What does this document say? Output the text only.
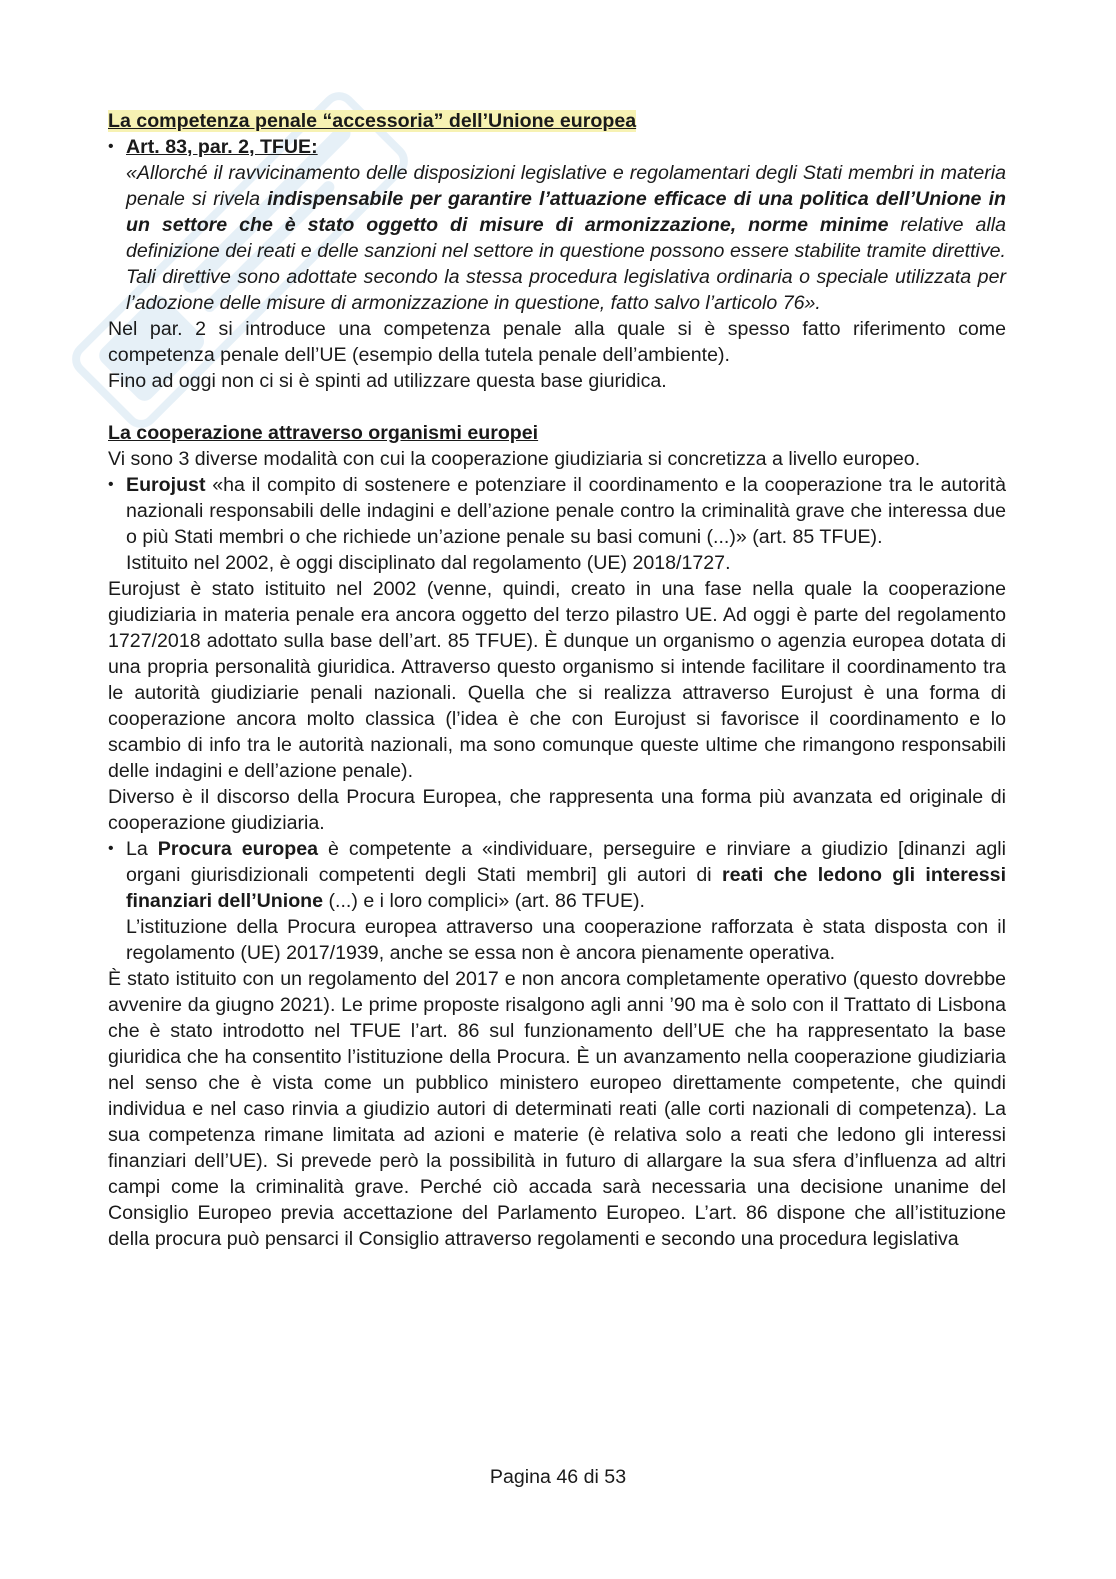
La competenza penale “accessoria” dell’Unione europea

• Art. 83, par. 2, TFUE:
«Allorché il ravvicinamento delle disposizioni legislative e regolamentari degli Stati membri in materia penale si rivela indispensabile per garantire l’attuazione efficace di una politica dell’Unione in un settore che è stato oggetto di misure di armonizzazione, norme minime relative alla definizione dei reati e delle sanzioni nel settore in questione possono essere stabilite tramite direttive. Tali direttive sono adottate secondo la stessa procedura legislativa ordinaria o speciale utilizzata per l’adozione delle misure di armonizzazione in questione, fatto salvo l’articolo 76».

Nel par. 2 si introduce una competenza penale alla quale si è spesso fatto riferimento come competenza penale dell’UE (esempio della tutela penale dell’ambiente).

Fino ad oggi non ci si è spinti ad utilizzare questa base giuridica.

La cooperazione attraverso organismi europei

Vi sono 3 diverse modalità con cui la cooperazione giudiziaria si concretizza a livello europeo.

• Eurojust «ha il compito di sostenere e potenziare il coordinamento e la cooperazione tra le autorità nazionali responsabili delle indagini e dell’azione penale contro la criminalità grave che interessa due o più Stati membri o che richiede un’azione penale su basi comuni (...)» (art. 85 TFUE).
Istituito nel 2002, è oggi disciplinato dal regolamento (UE) 2018/1727.

Eurojust è stato istituito nel 2002 (venne, quindi, creato in una fase nella quale la cooperazione giudiziaria in materia penale era ancora oggetto del terzo pilastro UE. Ad oggi è parte del regolamento 1727/2018 adottato sulla base dell’art. 85 TFUE). È dunque un organismo o agenzia europea dotata di una propria personalità giuridica. Attraverso questo organismo si intende facilitare il coordinamento tra le autorità giudiziarie penali nazionali. Quella che si realizza attraverso Eurojust è una forma di cooperazione ancora molto classica (l’idea è che con Eurojust si favorisce il coordinamento e lo scambio di info tra le autorità nazionali, ma sono comunque queste ultime che rimangono responsabili delle indagini e dell’azione penale).

Diverso è il discorso della Procura Europea, che rappresenta una forma più avanzata ed originale di cooperazione giudiziaria.

• La Procura europea è competente a «individuare, perseguire e rinviare a giudizio [dinanzi agli organi giurisdizionali competenti degli Stati membri] gli autori di reati che ledono gli interessi finanziari dell’Unione (...) e i loro complici» (art. 86 TFUE).
L’istituzione della Procura europea attraverso una cooperazione rafforzata è stata disposta con il regolamento (UE) 2017/1939, anche se essa non è ancora pienamente operativa.

È stato istituito con un regolamento del 2017 e non ancora completamente operativo (questo dovrebbe avvenire da giugno 2021). Le prime proposte risalgono agli anni ’90 ma è solo con il Trattato di Lisbona che è stato introdotto nel TFUE l’art. 86 sul funzionamento dell’UE che ha rappresentato la base giuridica che ha consentito l’istituzione della Procura. È un avanzamento nella cooperazione giudiziaria nel senso che è vista come un pubblico ministero europeo direttamente competente, che quindi individua e nel caso rinvia a giudizio autori di determinati reati (alle corti nazionali di competenza). La sua competenza rimane limitata ad azioni e materie (è relativa solo a reati che ledono gli interessi finanziari dell’UE). Si prevede però la possibilità in futuro di allargare la sua sfera d’influenza ad altri campi come la criminalità grave. Perché ciò accada sarà necessaria una decisione unanime del Consiglio Europeo previa accettazione del Parlamento Europeo. L’art. 86 dispone che all’istituzione della procura può pensarci il Consiglio attraverso regolamenti e secondo una procedura legislativa

Pagina 46 di 53
